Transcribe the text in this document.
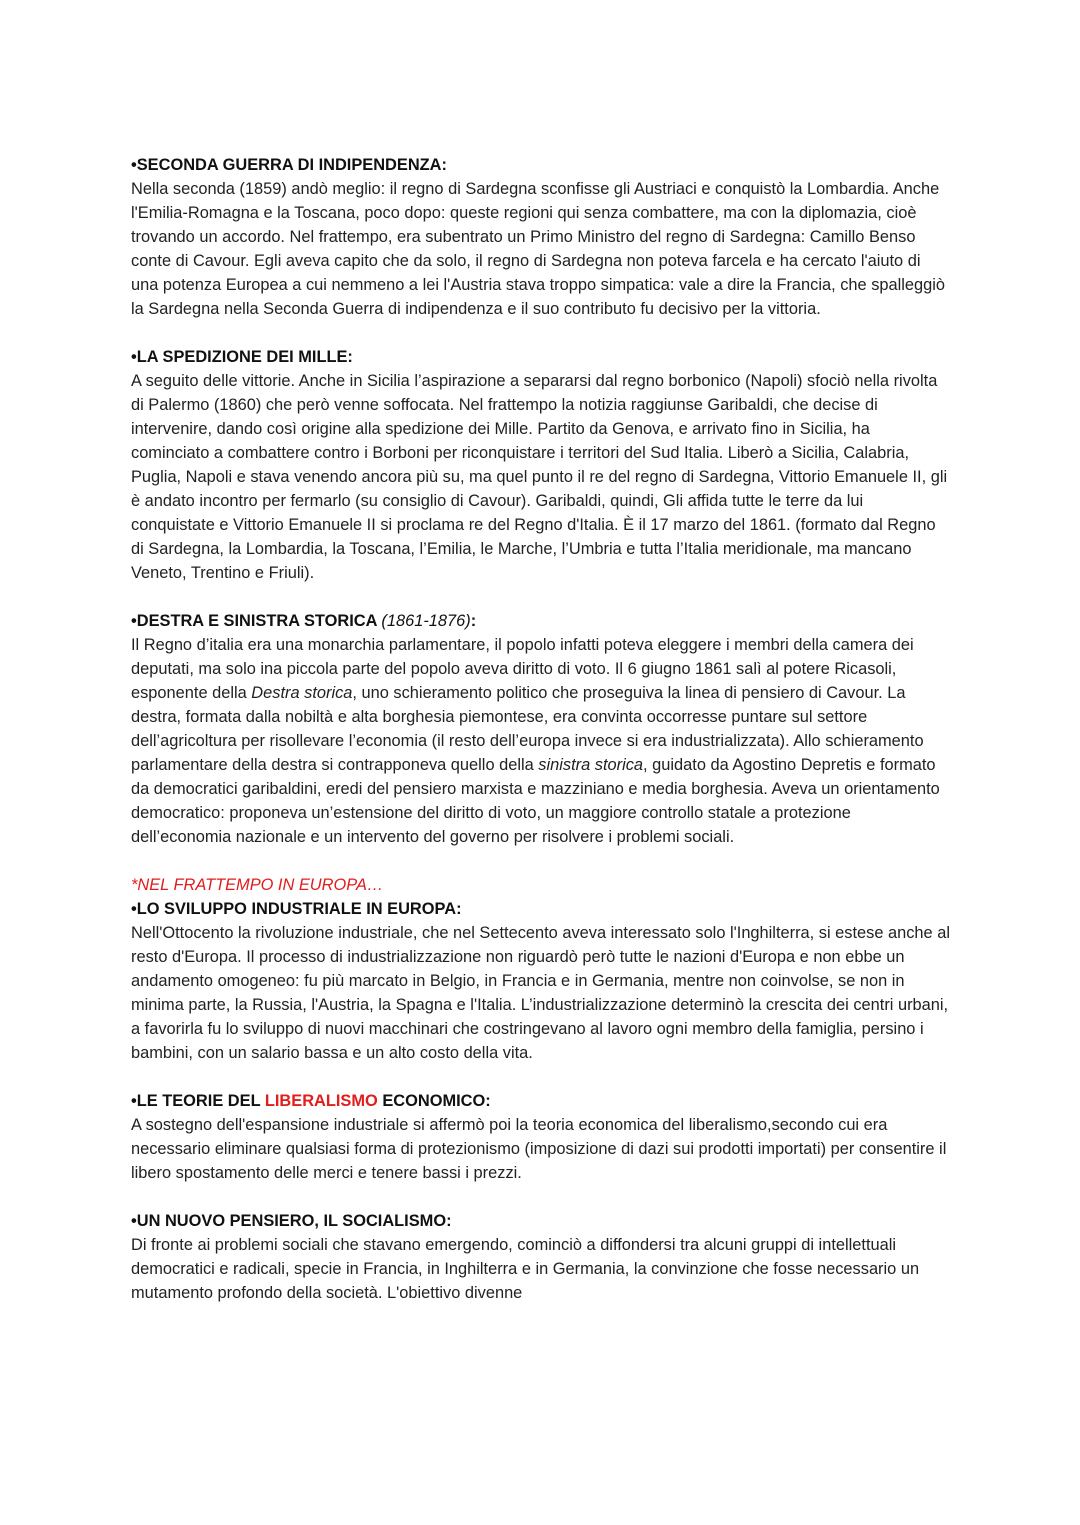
•SECONDA GUERRA DI INDIPENDENZA:

Nella seconda (1859) andò meglio: il regno di Sardegna sconfisse gli Austriaci e conquistò la Lombardia. Anche l'Emilia-Romagna e la Toscana, poco dopo: queste regioni qui senza combattere, ma con la diplomazia, cioè trovando un accordo. Nel frattempo, era subentrato un Primo Ministro del regno di Sardegna: Camillo Benso conte di Cavour. Egli aveva capito che da solo, il regno di Sardegna non poteva farcela e ha cercato l'aiuto di una potenza Europea a cui nemmeno a lei l'Austria stava troppo simpatica: vale a dire la Francia, che spalleggiò la Sardegna nella Seconda Guerra di indipendenza e il suo contributo fu decisivo per la vittoria.

•LA SPEDIZIONE DEI MILLE:

A seguito delle vittorie. Anche in Sicilia l’aspirazione a separarsi dal regno borbonico (Napoli) sfociò nella rivolta di Palermo (1860) che però venne soffocata. Nel frattempo la notizia raggiunse Garibaldi, che decise di intervenire, dando così origine alla spedizione dei Mille. Partito da Genova, e arrivato fino in Sicilia, ha cominciato a combattere contro i Borboni per riconquistare i territori del Sud Italia. Liberò a Sicilia, Calabria, Puglia, Napoli e stava venendo ancora più su, ma quel punto il re del regno di Sardegna, Vittorio Emanuele II, gli è andato incontro per fermarlo (su consiglio di Cavour). Garibaldi, quindi, Gli affida tutte le terre da lui conquistate e Vittorio Emanuele II si proclama re del Regno d'Italia. È il 17 marzo del 1861. (formato dal Regno di Sardegna, la Lombardia, la Toscana, l’Emilia, le Marche, l’Umbria e tutta l’Italia meridionale, ma mancano Veneto, Trentino e Friuli).

•DESTRA E SINISTRA STORICA (1861-1876):

Il Regno d’italia era una monarchia parlamentare, il popolo infatti poteva eleggere i membri della camera dei deputati, ma solo ina piccola parte del popolo aveva diritto di voto. Il 6 giugno 1861 salì al potere Ricasoli, esponente della Destra storica, uno schieramento politico che proseguiva la linea di pensiero di Cavour. La destra, formata dalla nobiltà e alta borghesia piemontese, era convinta occorresse puntare sul settore dell’agricoltura per risollevare l’economia (il resto dell’europa invece si era industrializzata). Allo schieramento parlamentare della destra si contrapponeva quello della sinistra storica, guidato da Agostino Depretis e formato da democratici garibaldini, eredi del pensiero marxista e mazziniano e media borghesia. Aveva un orientamento democratico: proponeva un’estensione del diritto di voto, un maggiore controllo statale a protezione dell’economia nazionale e un intervento del governo per risolvere i problemi sociali.

*NEL FRATTEMPO IN EUROPA…
•LO SVILUPPO INDUSTRIALE IN EUROPA:

Nell'Ottocento la rivoluzione industriale, che nel Settecento aveva interessato solo l'Inghilterra, si estese anche al resto d'Europa. Il processo di industrializzazione non riguardò però tutte le nazioni d'Europa e non ebbe un andamento omogeneo: fu più marcato in Belgio, in Francia e in Germania, mentre non coinvolse, se non in minima parte, la Russia, l'Austria, la Spagna e l'Italia. L’industrializzazione determinò la crescita dei centri urbani, a favorirla fu lo sviluppo di nuovi macchinari che costringevano al lavoro ogni membro della famiglia, persino i bambini, con un salario bassa e un alto costo della vita.

•LE TEORIE DEL LIBERALISMO ECONOMICO:

A sostegno dell'espansione industriale si affermò poi la teoria economica del liberalismo,secondo cui era necessario eliminare qualsiasi forma di protezionismo (imposizione di dazi sui prodotti importati) per consentire il libero spostamento delle merci e tenere bassi i prezzi.

•UN NUOVO PENSIERO, IL SOCIALISMO:

Di fronte ai problemi sociali che stavano emergendo, cominciò a diffondersi tra alcuni gruppi di intellettuali democratici e radicali, specie in Francia, in Inghilterra e in Germania, la convinzione che fosse necessario un mutamento profondo della società. L'obiettivo divenne
